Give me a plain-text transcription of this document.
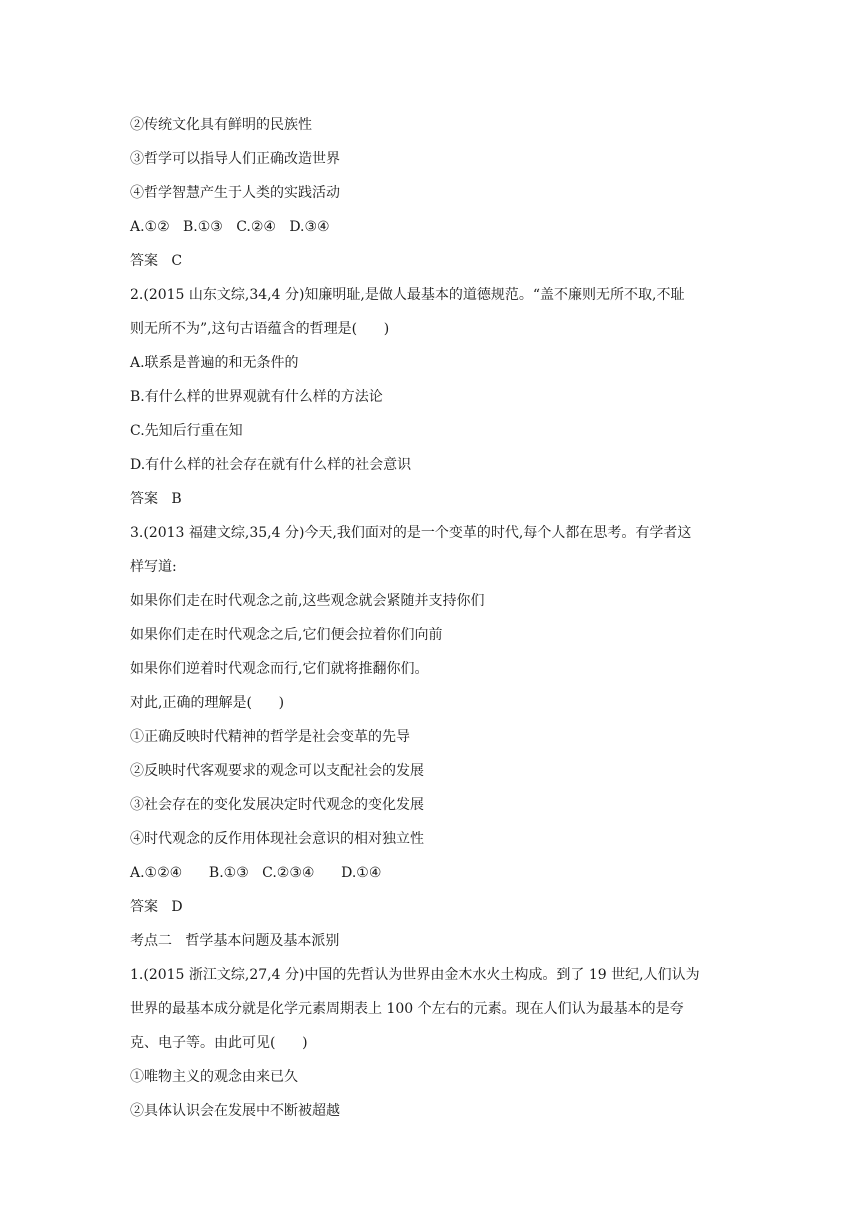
②传统文化具有鲜明的民族性
③哲学可以指导人们正确改造世界
④哲学智慧产生于人类的实践活动
A.①②   B.①③   C.②④   D.③④
答案   C
2.(2015 山东文综,34,4 分)知廉明耻,是做人最基本的道德规范。“盖不廉则无所不取,不耻
则无所不为”,这句古语蕴含的哲理是(      )
A.联系是普遍的和无条件的
B.有什么样的世界观就有什么样的方法论
C.先知后行重在知
D.有什么样的社会存在就有什么样的社会意识
答案   B
3.(2013 福建文综,35,4 分)今天,我们面对的是一个变革的时代,每个人都在思考。有学者这
样写道:
如果你们走在时代观念之前,这些观念就会紧随并支持你们
如果你们走在时代观念之后,它们便会拉着你们向前
如果你们逆着时代观念而行,它们就将推翻你们。
对此,正确的理解是(      )
①正确反映时代精神的哲学是社会变革的先导
②反映时代客观要求的观念可以支配社会的发展
③社会存在的变化发展决定时代观念的变化发展
④时代观念的反作用体现社会意识的相对独立性
A.①②④      B.①③   C.②③④      D.①④
答案   D
考点二   哲学基本问题及基本派别
1.(2015 浙江文综,27,4 分)中国的先哲认为世界由金木水火土构成。到了 19 世纪,人们认为
世界的最基本成分就是化学元素周期表上 100 个左右的元素。现在人们认为最基本的是夸
克、电子等。由此可见(      )
①唯物主义的观念由来已久
②具体认识会在发展中不断被超越
